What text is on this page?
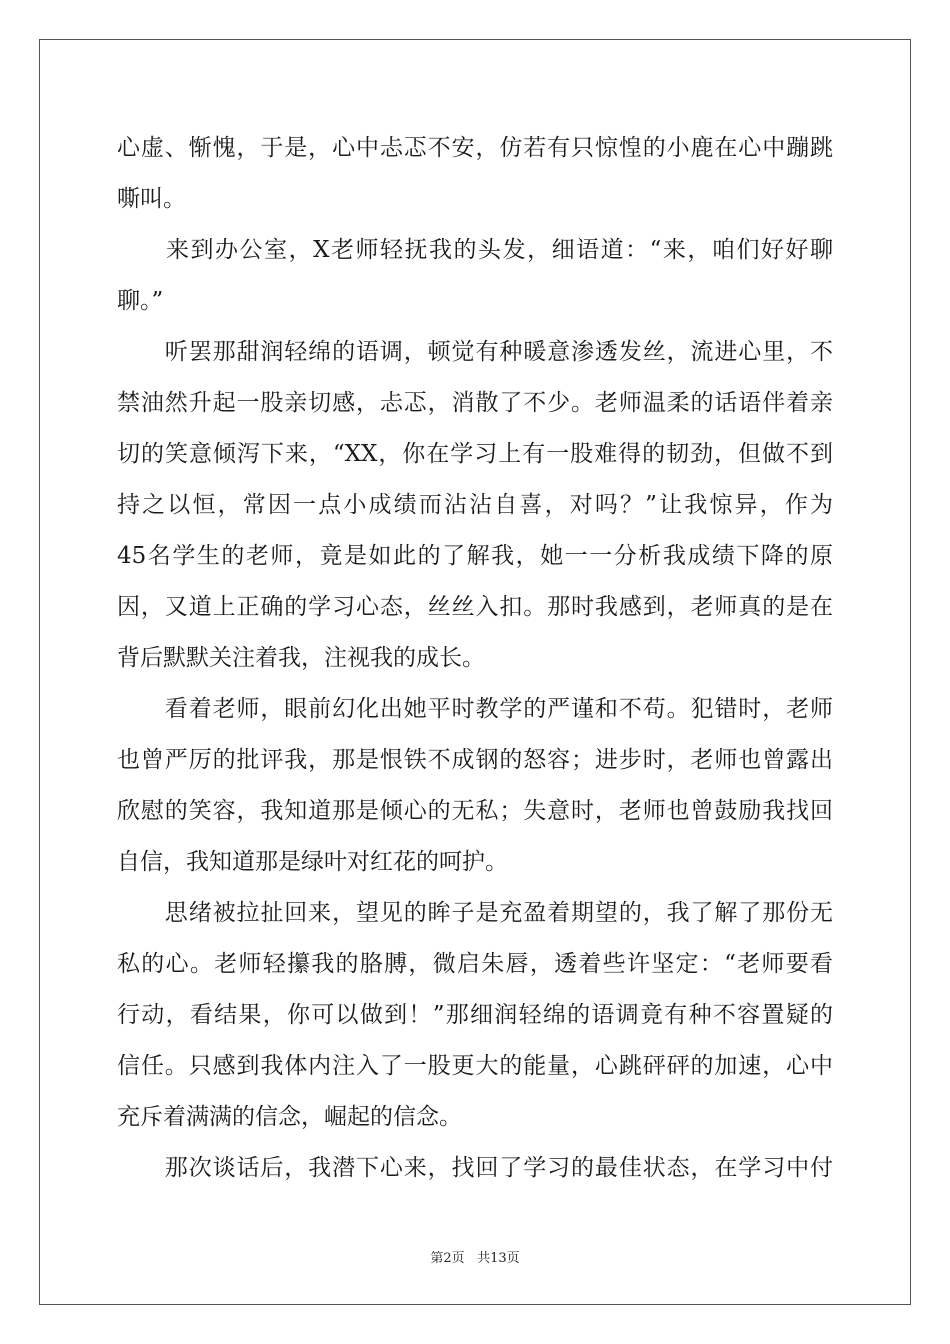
心虚、惭愧，于是，心中忐忑不安，仿若有只惊惶的小鹿在心中蹦跳
嘶叫。
　　来到办公室，X老师轻抚我的头发，细语道：“来，咱们好好聊
聊。”
　　听罢那甜润轻绵的语调，顿觉有种暖意渗透发丝，流进心里，不
禁油然升起一股亲切感，忐忑，消散了不少。老师温柔的话语伴着亲
切的笑意倾泻下来，“XX，你在学习上有一股难得的韧劲，但做不到
持之以恒，常因一点小成绩而沾沾自喜，对吗？”让我惊异，作为
45名学生的老师，竟是如此的了解我，她一一分析我成绩下降的原
因，又道上正确的学习心态，丝丝入扣。那时我感到，老师真的是在
背后默默关注着我，注视我的成长。
　　看着老师，眼前幻化出她平时教学的严谨和不苟。犯错时，老师
也曾严厉的批评我，那是恨铁不成钢的怒容；进步时，老师也曾露出
欣慰的笑容，我知道那是倾心的无私；失意时，老师也曾鼓励我找回
自信，我知道那是绿叶对红花的呵护。
　　思绪被拉扯回来，望见的眸子是充盈着期望的，我了解了那份无
私的心。老师轻攥我的胳膊，微启朱唇，透着些许坚定：“老师要看
行动，看结果，你可以做到！”那细润轻绵的语调竟有种不容置疑的
信任。只感到我体内注入了一股更大的能量，心跳砰砰的加速，心中
充斥着满满的信念，崛起的信念。
　　那次谈话后，我潜下心来，找回了学习的最佳状态，在学习中付
第2页 共13页
